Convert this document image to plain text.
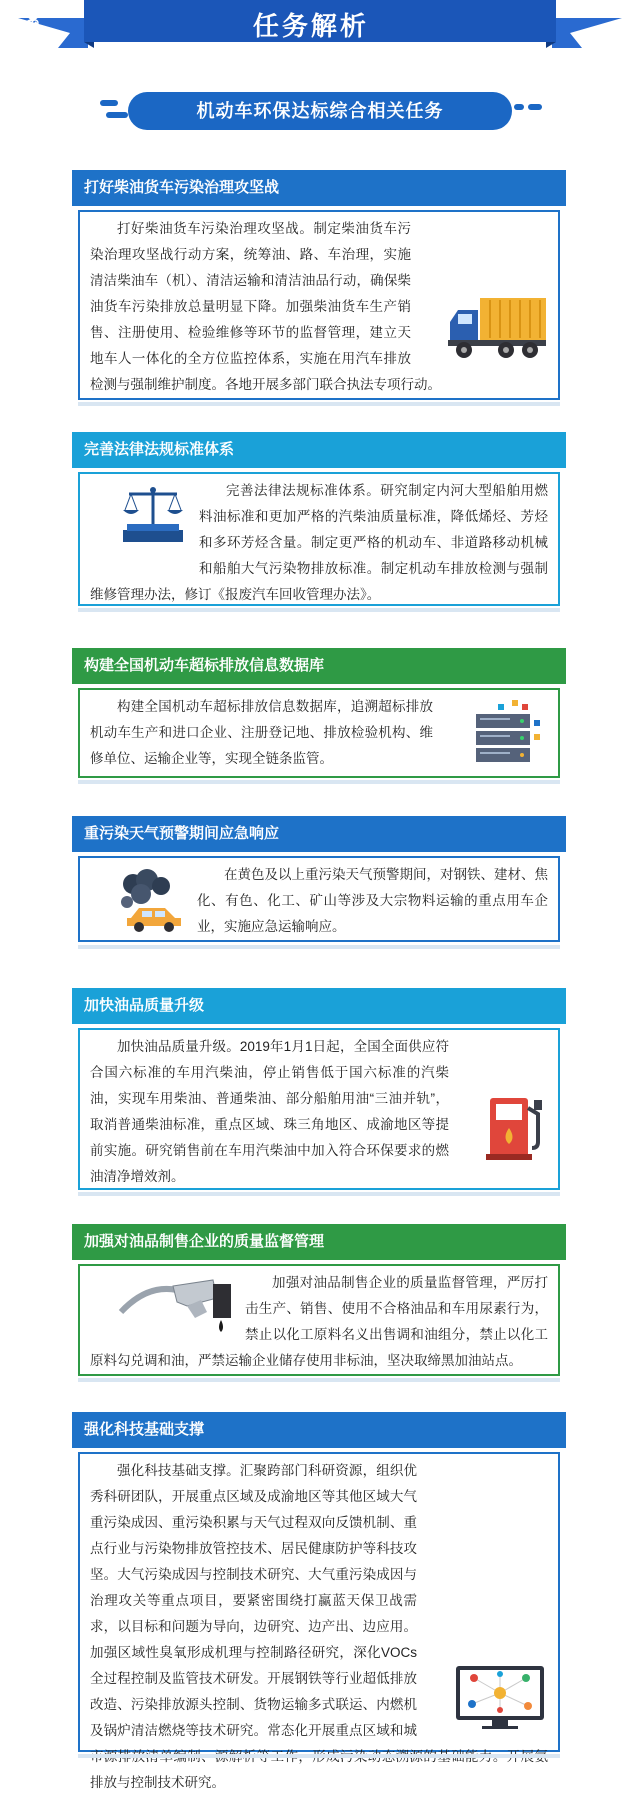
任务解析
机动车环保达标综合相关任务
打好柴油货车污染治理攻坚战
打好柴油货车污染治理攻坚战。制定柴油货车污染治理攻坚战行动方案，统筹油、路、车治理，实施清洁柴油车（机）、清洁运输和清洁油品行动，确保柴油货车污染排放总量明显下降。加强柴油货车生产销售、注册使用、检验维修等环节的监督管理，建立天地车人一体化的全方位监控体系，实施在用汽车排放检测与强制维护制度。各地开展多部门联合执法专项行动。
完善法律法规标准体系
完善法律法规标准体系。研究制定内河大型船舶用燃料油标准和更加严格的汽柴油质量标准，降低烯烃、芳烃和多环芳烃含量。制定更严格的机动车、非道路移动机械和船舶大气污染物排放标准。制定机动车排放检测与强制维修管理办法，修订《报废汽车回收管理办法》。
构建全国机动车超标排放信息数据库
构建全国机动车超标排放信息数据库，追溯超标排放机动车生产和进口企业、注册登记地、排放检验机构、维修单位、运输企业等，实现全链条监管。
重污染天气预警期间应急响应
在黄色及以上重污染天气预警期间，对钢铁、建材、焦化、有色、化工、矿山等涉及大宗物料运输的重点用车企业，实施应急运输响应。
加快油品质量升级
加快油品质量升级。2019年1月1日起，全国全面供应符合国六标准的车用汽柴油，停止销售低于国六标准的汽柴油，实现车用柴油、普通柴油、部分船舶用油“三油并轨”，取消普通柴油标准，重点区域、珠三角地区、成渝地区等提前实施。研究销售前在车用汽柴油中加入符合环保要求的燃油清净增效剂。
加强对油品制售企业的质量监督管理
加强对油品制售企业的质量监督管理，严厉打击生产、销售、使用不合格油品和车用尿素行为，禁止以化工原料名义出售调和油组分，禁止以化工原料勾兑调和油，严禁运输企业储存使用非标油，坚决取缔黑加油站点。
强化科技基础支撑
强化科技基础支撑。汇聚跨部门科研资源，组织优秀科研团队，开展重点区域及成渝地区等其他区域大气重污染成因、重污染积累与天气过程双向反馈机制、重点行业与污染物排放管控技术、居民健康防护等科技攻坚。大气污染成因与控制技术研究、大气重污染成因与治理攻关等重点项目，要紧密围绕打赢蓝天保卫战需求，以目标和问题为导向，边研究、边产出、边应用。加强区域性臭氧形成机理与控制路径研究，深化VOCs全过程控制及监管技术研发。开展钢铁等行业超低排放改造、污染排放源头控制、货物运输多式联运、内燃机及锅炉清洁燃烧等技术研究。常态化开展重点区域和城 排放与控制技术研究。
